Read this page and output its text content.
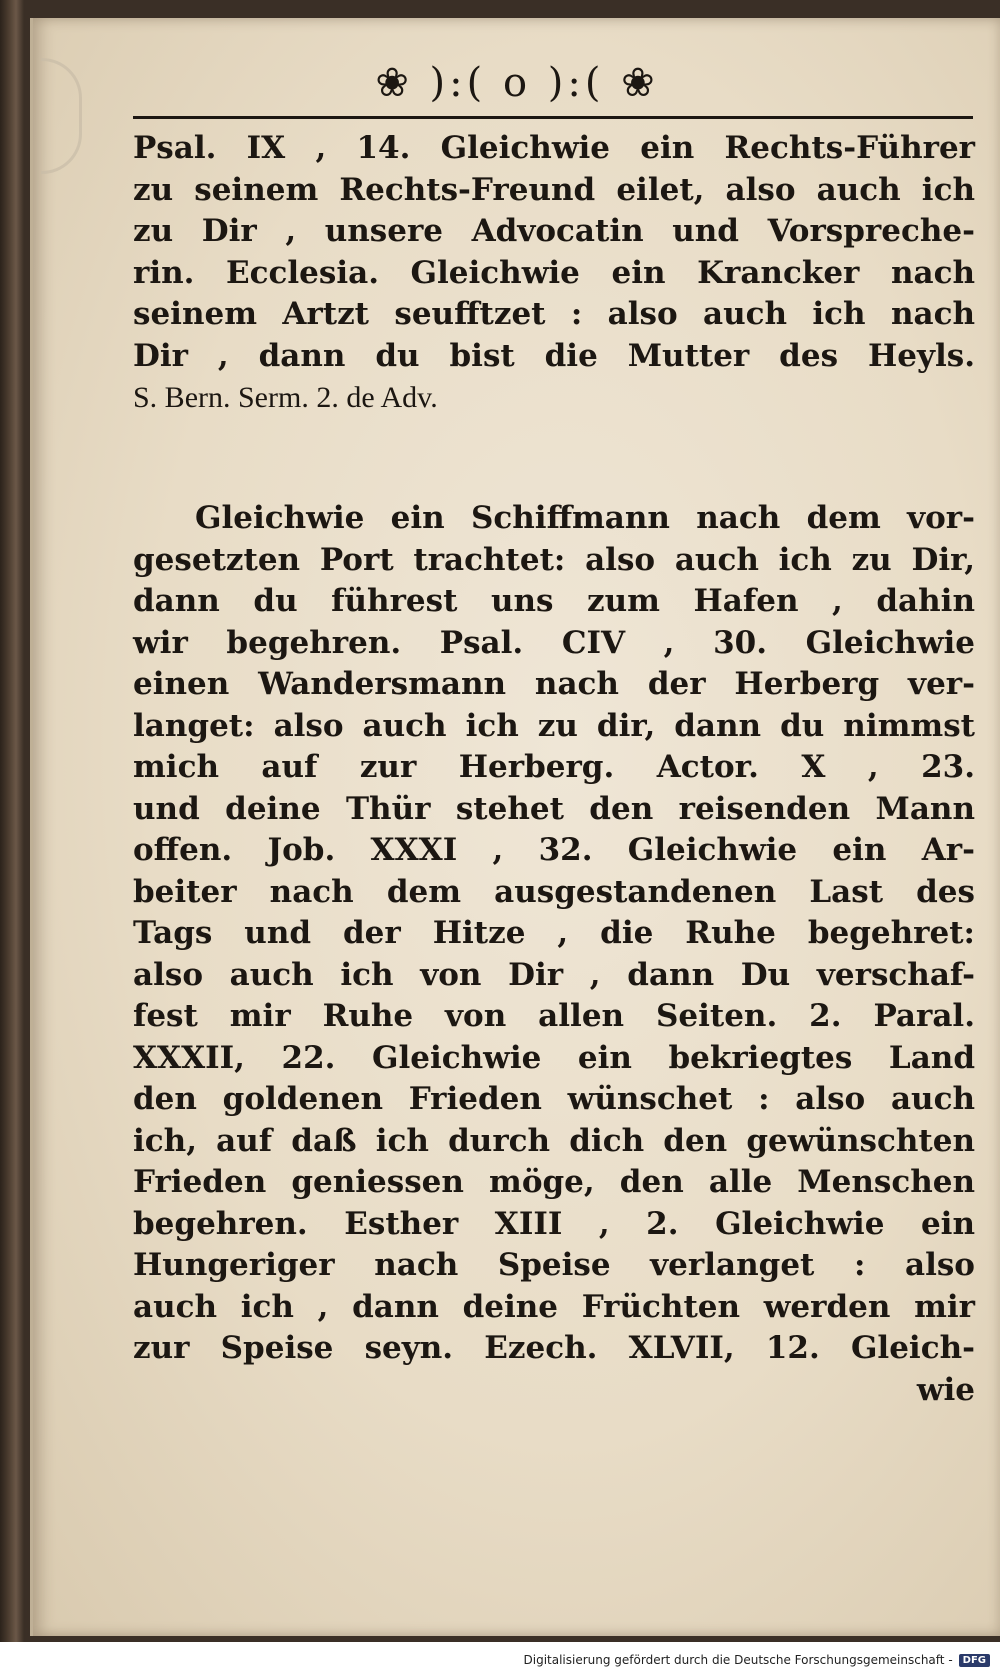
❀ ):( o ):( ❀
Psal. IX , 14. Gleichwie ein Rechts-Führer
zu seinem Rechts-Freund eilet, also auch ich
zu Dir , unsere Advocatin und Vorspreche-
rin. Ecclesia. Gleichwie ein Krancker nach
seinem Artzt seufftzet : also auch ich nach
Dir , dann du bist die Mutter des Heyls.
S. Bern. Serm. 2. de Adv.
Gleichwie ein Schiffmann nach dem vor-
gesetzten Port trachtet: also auch ich zu Dir,
dann du führest uns zum Hafen , dahin
wir begehren. Psal. CIV , 30. Gleichwie
einen Wandersmann nach der Herberg ver-
langet: also auch ich zu dir, dann du nimmst
mich auf zur Herberg. Actor. X , 23.
und deine Thür stehet den reisenden Mann
offen. Job. XXXI , 32. Gleichwie ein Ar-
beiter nach dem ausgestandenen Last des
Tags und der Hitze , die Ruhe begehret:
also auch ich von Dir , dann Du verschaf-
fest mir Ruhe von allen Seiten. 2. Paral.
XXXII, 22. Gleichwie ein bekriegtes Land
den goldenen Frieden wünschet : also auch
ich, auf daß ich durch dich den gewünschten
Frieden geniessen möge, den alle Menschen
begehren. Esther XIII , 2. Gleichwie ein
Hungeriger nach Speise verlanget : also
auch ich , dann deine Früchten werden mir
zur Speise seyn. Ezech. XLVII, 12. Gleich-
wie
Digitalisierung gefördert durch die Deutsche Forschungsgemeinschaft -	DFG
